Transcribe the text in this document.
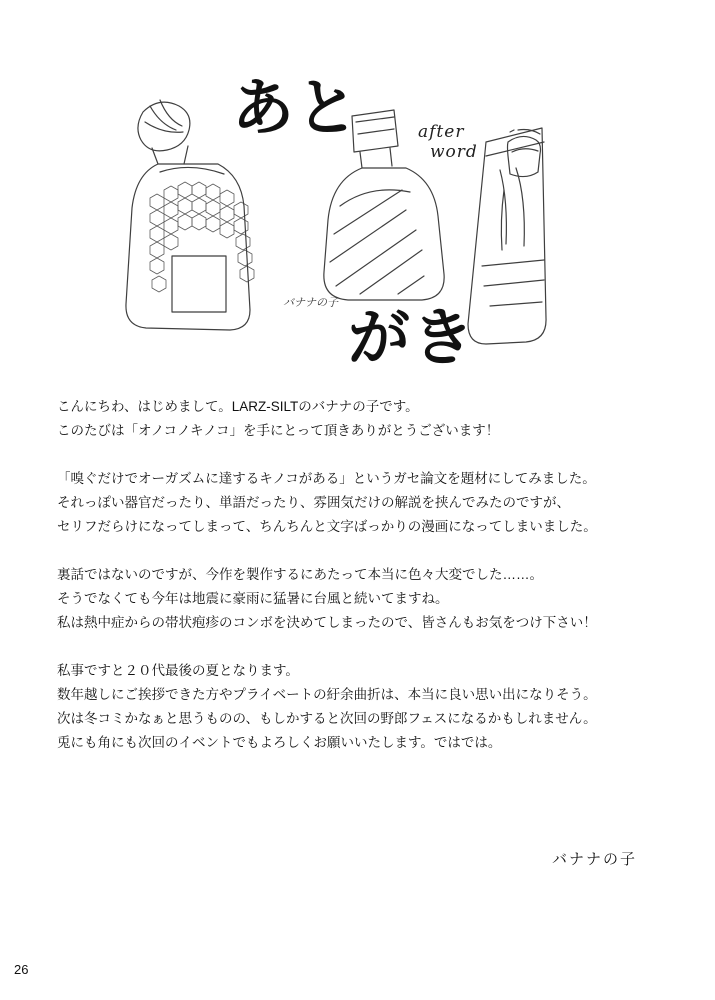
あと
がき
after
word
バナナの子

こんにちわ、はじめまして。LARZ-SILTのバナナの子です。
このたびは「オノコノキノコ」を手にとって頂きありがとうございます！

「嗅ぐだけでオーガズムに達するキノコがある」というガセ論文を題材にしてみました。
それっぽい器官だったり、単語だったり、雰囲気だけの解説を挟んでみたのですが、
セリフだらけになってしまって、ちんちんと文字ばっかりの漫画になってしまいました。

裏話ではないのですが、今作を製作するにあたって本当に色々大変でした……。
そうでなくても今年は地震に豪雨に猛暑に台風と続いてますね。
私は熱中症からの帯状疱疹のコンボを決めてしまったので、皆さんもお気をつけ下さい！

私事ですと２０代最後の夏となります。
数年越しにご挨拶できた方やプライベートの紆余曲折は、本当に良い思い出になりそう。
次は冬コミかなぁと思うものの、もしかすると次回の野郎フェスになるかもしれません。
兎にも角にも次回のイベントでもよろしくお願いいたします。ではでは。

バナナの子
26
